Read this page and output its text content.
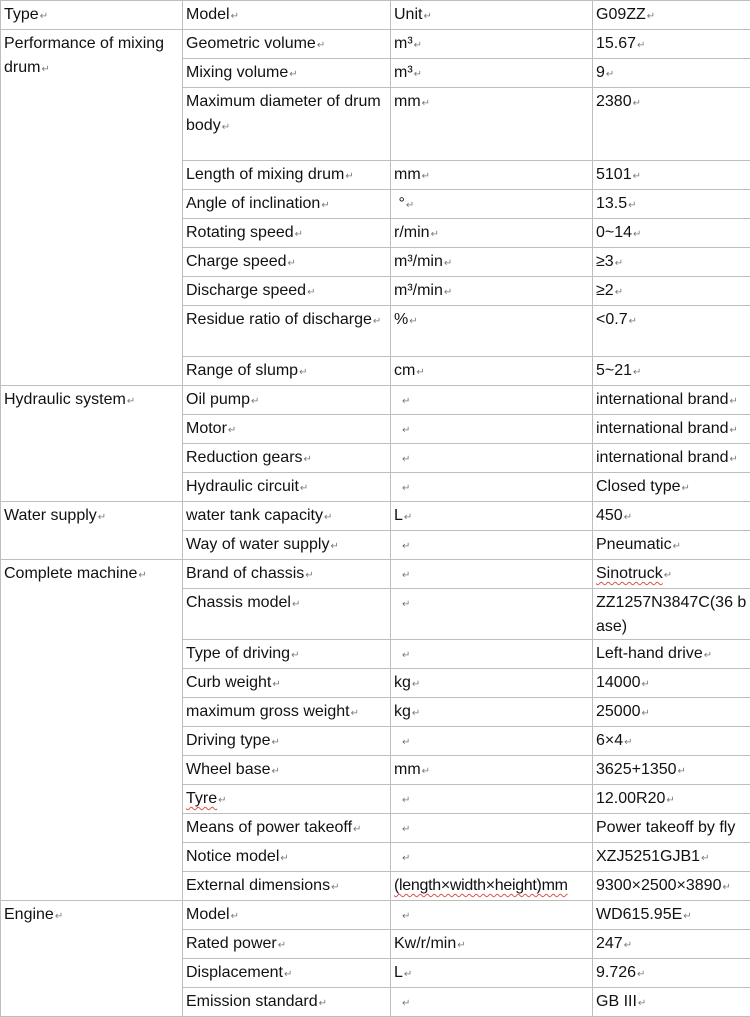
Type ↵	Model ↵	Unit ↵	G09ZZ ↵
Performance of mixing drum ↵	Geometric volume ↵	m³ ↵	15.67 ↵
	Mixing volume ↵	m³ ↵	9 ↵
	Maximum diameter of drum body ↵	mm ↵	2380 ↵
	Length of mixing drum ↵	mm ↵	5101 ↵
	Angle of inclination ↵	° ↵	13.5 ↵
	Rotating speed ↵	r/min ↵	0~14 ↵
	Charge speed ↵	m³/min ↵	≥3 ↵
	Discharge speed ↵	m³/min ↵	≥2 ↵
	Residue ratio of discharge ↵	% ↵	<0.7 ↵
	Range of slump ↵	cm ↵	5~21 ↵
Hydraulic system ↵	Oil pump ↵	↵	international brand ↵
	Motor ↵	↵	international brand ↵
	Reduction gears ↵	↵	international brand ↵
	Hydraulic circuit ↵	↵	Closed type ↵
Water supply ↵	water tank capacity ↵	L ↵	450 ↵
	Way of water supply ↵	↵	Pneumatic ↵
Complete machine ↵	Brand of chassis ↵	↵	Sinotruck ↵
	Chassis model ↵	↵	ZZ1257N3847C(36 base)
	Type of driving ↵	↵	Left-hand drive ↵
	Curb weight ↵	kg ↵	14000 ↵
	maximum gross weight ↵	kg ↵	25000 ↵
	Driving type ↵	↵	6×4 ↵
	Wheel base ↵	mm ↵	3625+1350 ↵
	Tyre ↵	↵	12.00R20 ↵
	Means of power takeoff ↵	↵	Power takeoff by fly
	Notice model ↵	↵	XZJ5251GJB1 ↵
	External dimensions ↵	(length×width×height)mm	9300×2500×3890 ↵
Engine ↵	Model ↵	↵	WD615.95E ↵
	Rated power ↵	Kw/r/min ↵	247 ↵
	Displacement ↵	L ↵	9.726 ↵
	Emission standard ↵	↵	GB III ↵
